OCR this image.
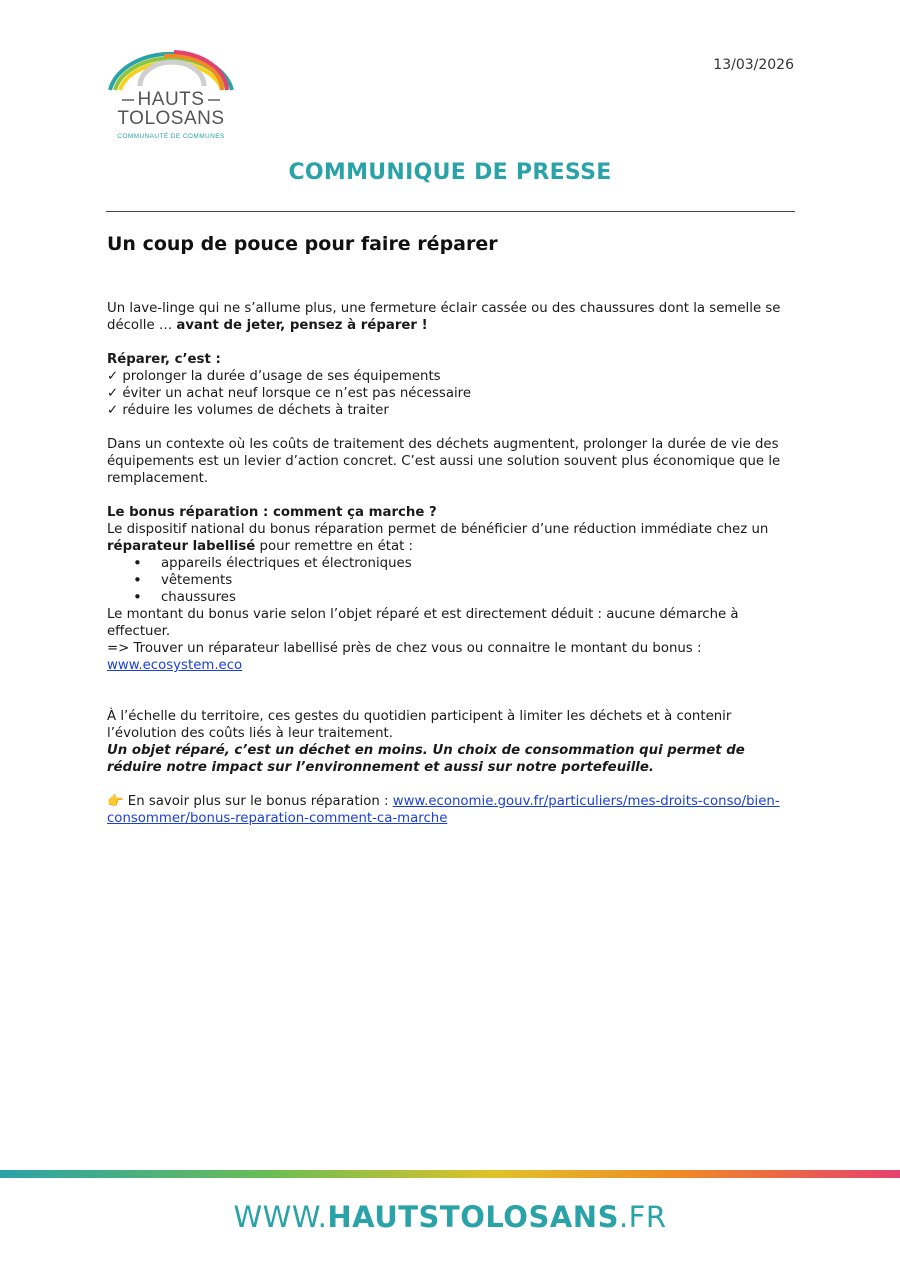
HAUTS
TOLOSANS
COMMUNAUTÉ DE COMMUNES
13/03/2026
COMMUNIQUE DE PRESSE
Un coup de pouce pour faire réparer

Un lave-linge qui ne s’allume plus, une fermeture éclair cassée ou des chaussures dont la semelle se décolle … avant de jeter, pensez à réparer !

Réparer, c’est :

✓ prolonger la durée d’usage de ses équipements

✓ éviter un achat neuf lorsque ce n’est pas nécessaire

✓ réduire les volumes de déchets à traiter

Dans un contexte où les coûts de traitement des déchets augmentent, prolonger la durée de vie des équipements est un levier d’action concret. C’est aussi une solution souvent plus économique que le remplacement.

Le bonus réparation : comment ça marche ?

Le dispositif national du bonus réparation permet de bénéficier d’une réduction immédiate chez un réparateur labellisé pour remettre en état :

• appareils électriques et électroniques
• vêtements
• chaussures

Le montant du bonus varie selon l’objet réparé et est directement déduit : aucune démarche à effectuer.

=> Trouver un réparateur labellisé près de chez vous ou connaitre le montant du bonus :

www.ecosystem.eco

À l’échelle du territoire, ces gestes du quotidien participent à limiter les déchets et à contenir l’évolution des coûts liés à leur traitement.

Un objet réparé, c’est un déchet en moins. Un choix de consommation qui permet de réduire notre impact sur l’environnement et aussi sur notre portefeuille.

👉 En savoir plus sur le bonus réparation : www.economie.gouv.fr/particuliers/mes-droits-conso/bien-consommer/bonus-reparation-comment-ca-marche

WWW.HAUTSTOLOSANS.FR
